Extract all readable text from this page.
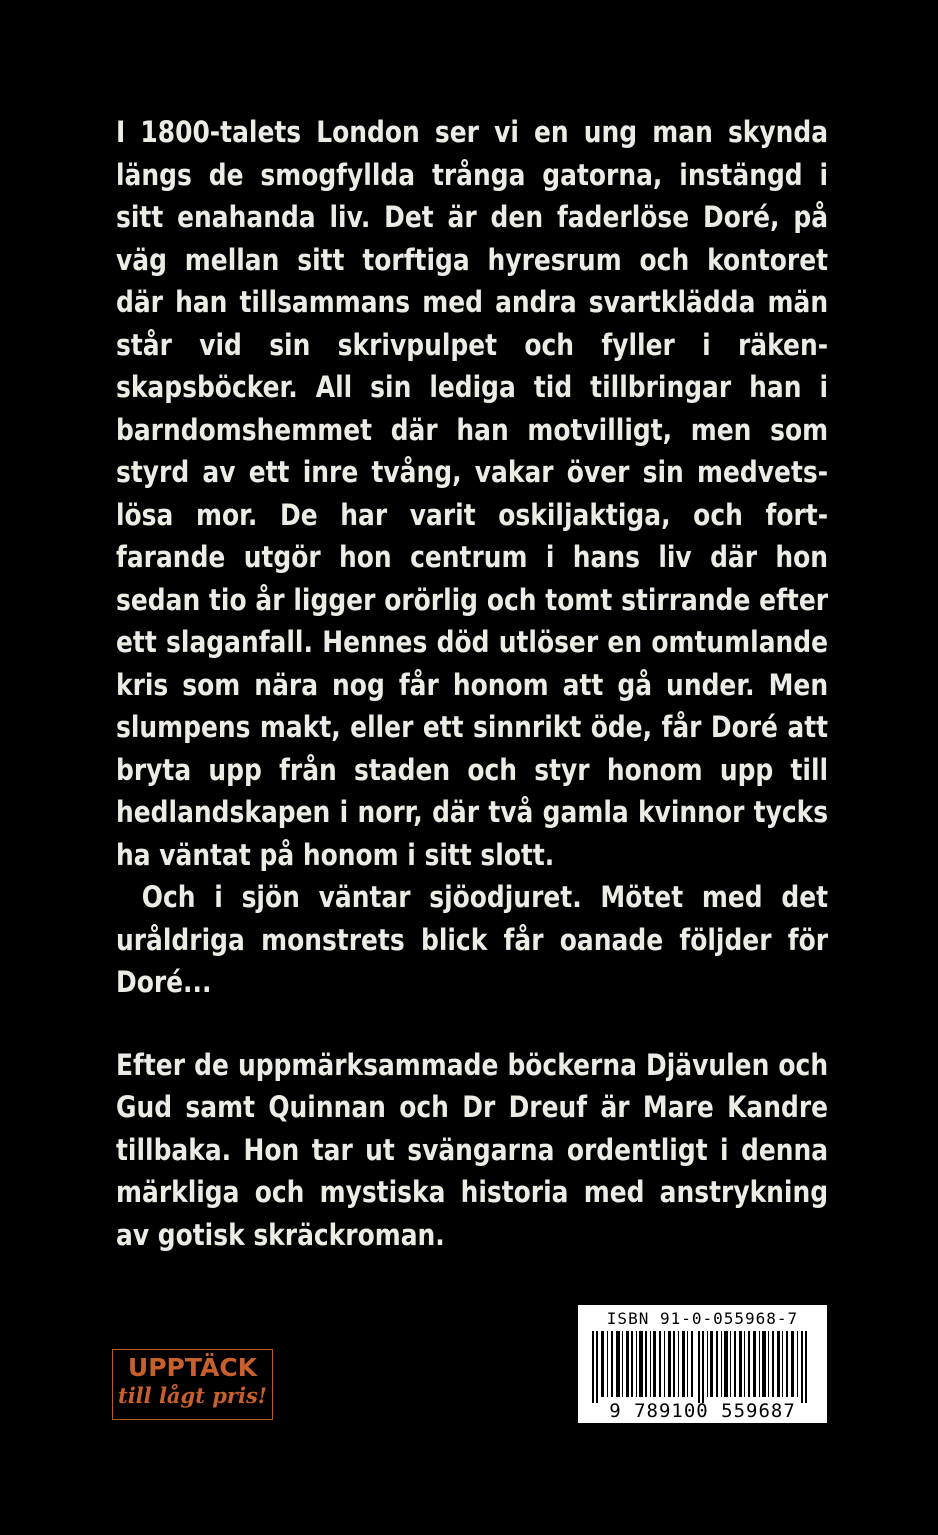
I 1800-talets London ser vi en ung man skynda längs de smogfyllda trånga gatorna, instängd i sitt enahanda liv. Det är den faderlöse Doré, på väg mellan sitt torftiga hyresrum och kontoret där han tillsammans med andra svartklädda män står vid sin skrivpulpet och fyller i räkenskapsböcker. All sin lediga tid tillbringar han i barndomshemmet där han motvilligt, men som styrd av ett inre tvång, vakar över sin medvetslösa mor. De har varit oskiljaktiga, och fortfarande utgör hon centrum i hans liv där hon sedan tio år ligger orörlig och tomt stirrande efter ett slaganfall. Hennes död utlöser en omtumlande kris som nära nog får honom att gå under. Men slumpens makt, eller ett sinnrikt öde, får Doré att bryta upp från staden och styr honom upp till hedlandskapen i norr, där två gamla kvinnor tycks ha väntat på honom i sitt slott.

Och i sjön väntar sjöodjuret. Mötet med det uråldriga monstrets blick får oanade följder för Doré...

Efter de uppmärksammade böckerna Djävulen och Gud samt Quinnan och Dr Dreuf är Mare Kandre tillbaka. Hon tar ut svängarna ordentligt i denna märkliga och mystiska historia med anstrykning av gotisk skräckroman.

UPPTÄCK
till lågt pris!
ISBN 91-0-055968-7
9 789100 559687
